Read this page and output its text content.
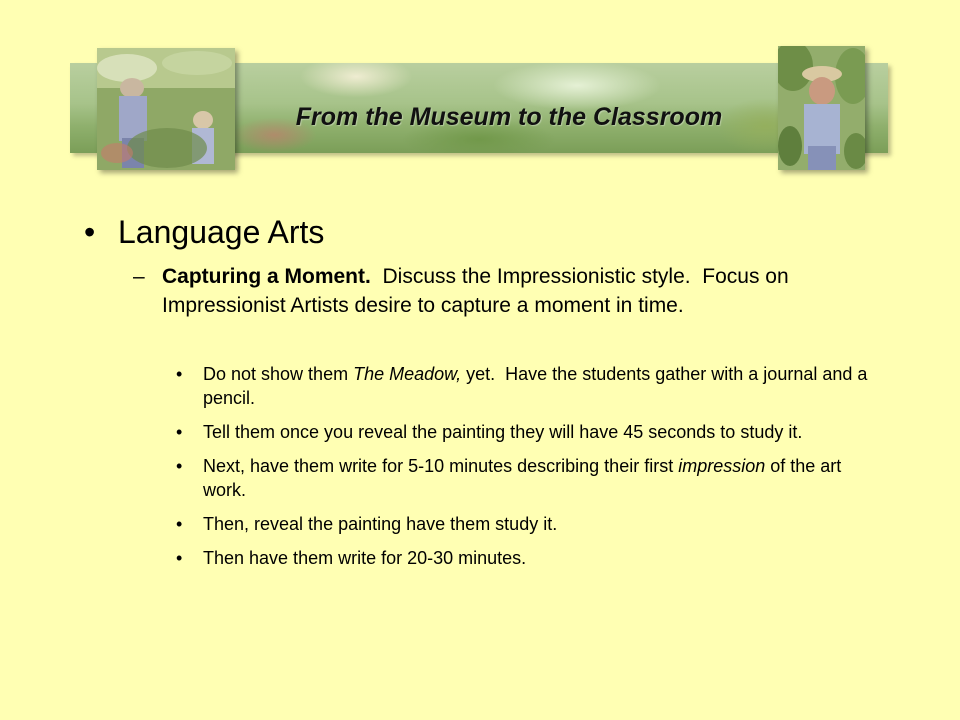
From the Museum to the Classroom
• Language Arts
– Capturing a Moment.  Discuss the Impressionistic style.  Focus on Impressionist Artists desire to capture a moment in time.
• Do not show them The Meadow, yet.  Have the students gather with a journal and a pencil.
• Tell them once you reveal the painting they will have 45 seconds to study it.
• Next, have them write for 5-10 minutes describing their first impression of the art work.
• Then, reveal the painting have them study it.
• Then have them write for 20-30 minutes.
